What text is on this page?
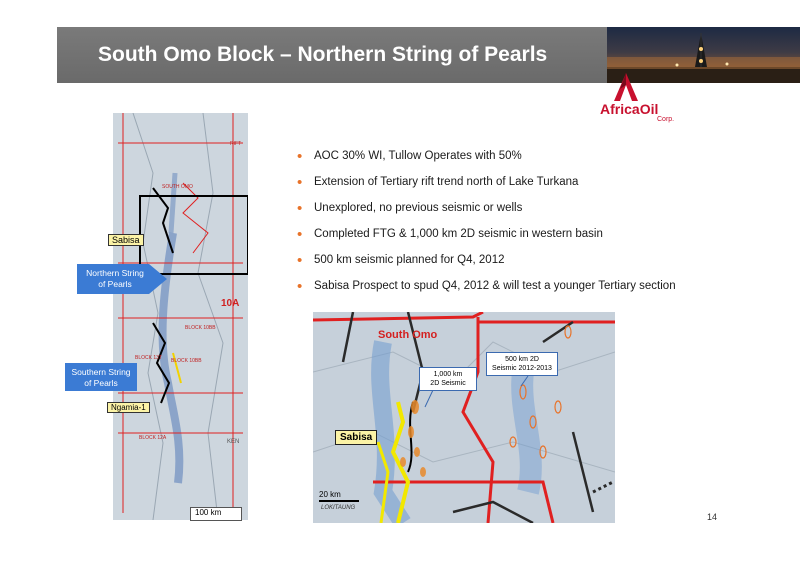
South Omo Block – Northern String of Pearls
AfricaOil
Corp.
SOUTH OMO
RIFT
10A
BLOCK 10BB
BLOCK 10BB
BLOCK 13T
BLOCK 12A
KEN
Sabisa
Northern String
of Pearls
Southern String
of Pearls
Ngamia-1
100 km
• AOC 30% WI, Tullow Operates with 50%
• Extension of Tertiary rift trend north of Lake Turkana
• Unexplored, no previous seismic or wells
• Completed FTG & 1,000 km 2D seismic in western basin
• 500 km seismic planned for Q4, 2012
• Sabisa Prospect to spud Q4, 2012 & will test a younger Tertiary section
South Omo
1,000 km
2D Seismic
500 km 2D
Seismic 2012-2013
Sabisa
20 km
LOKITAUNG
14
